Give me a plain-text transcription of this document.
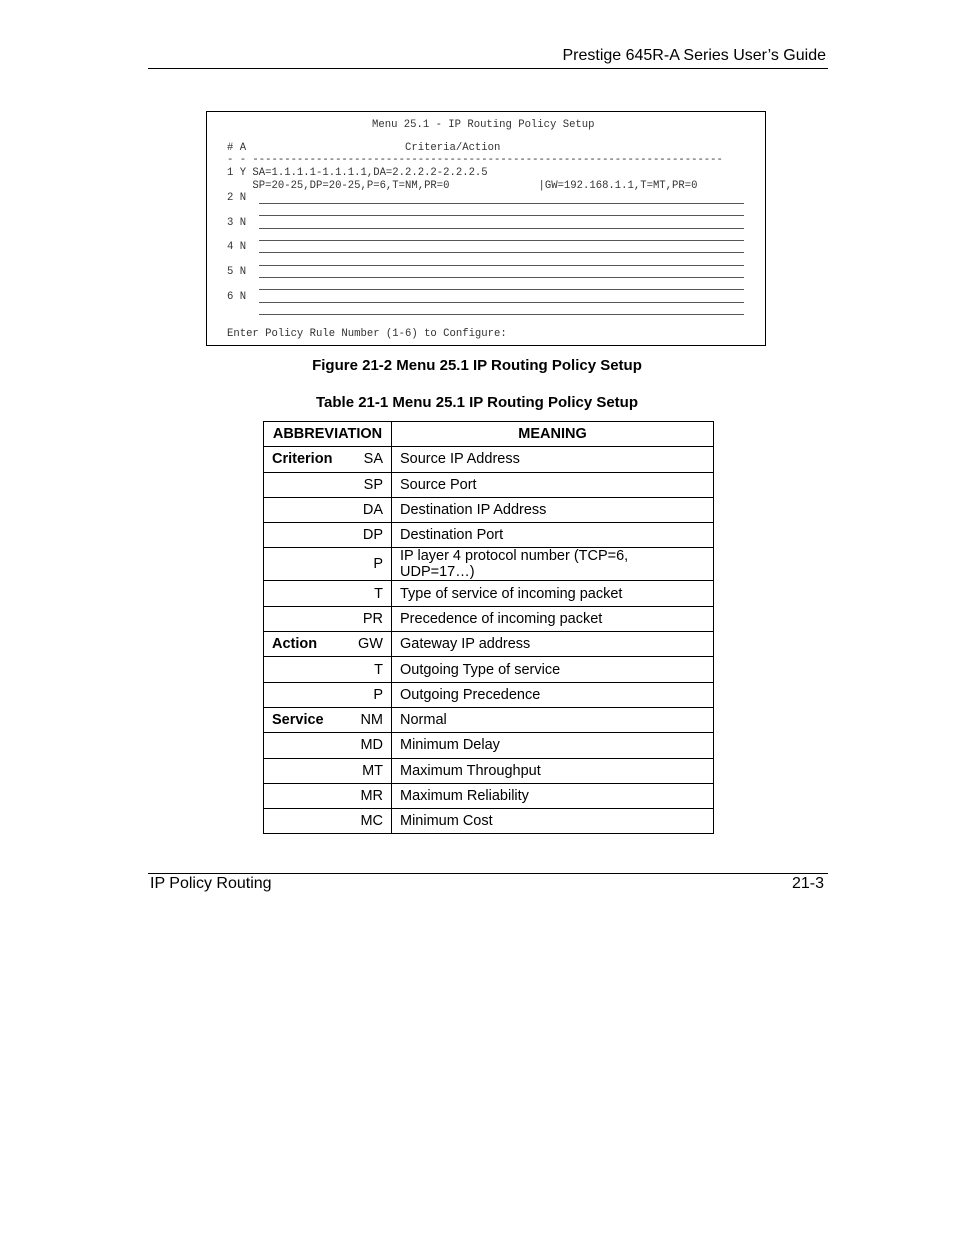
Prestige 645R-A Series User’s Guide
Menu 25.1 - IP Routing Policy Setup
# A                         Criteria/Action
- - --------------------------------------------------------------------------
1 Y SA=1.1.1.1-1.1.1.1,DA=2.2.2.2-2.2.2.5
SP=20-25,DP=20-25,P=6,T=NM,PR=0              |GW=192.168.1.1,T=MT,PR=0
2 N
3 N
4 N
5 N
6 N
Enter Policy Rule Number (1-6) to Configure:
Figure 21-2 Menu 25.1 IP Routing Policy Setup
Table 21-1 Menu 25.1 IP Routing Policy Setup
ABBREVIATION	MEANING

Criterion SA	Source IP Address

SP	Source Port

DA	Destination IP Address

DP	Destination Port

P	IP layer 4 protocol number (TCP=6, UDP=17…)

T	Type of service of incoming packet

PR	Precedence of incoming packet

Action GW	Gateway IP address

T	Outgoing Type of service

P	Outgoing Precedence

Service NM	Normal

MD	Minimum Delay

MT	Maximum Throughput

MR	Maximum Reliability

MC	Minimum Cost
IP Policy Routing	21-3
